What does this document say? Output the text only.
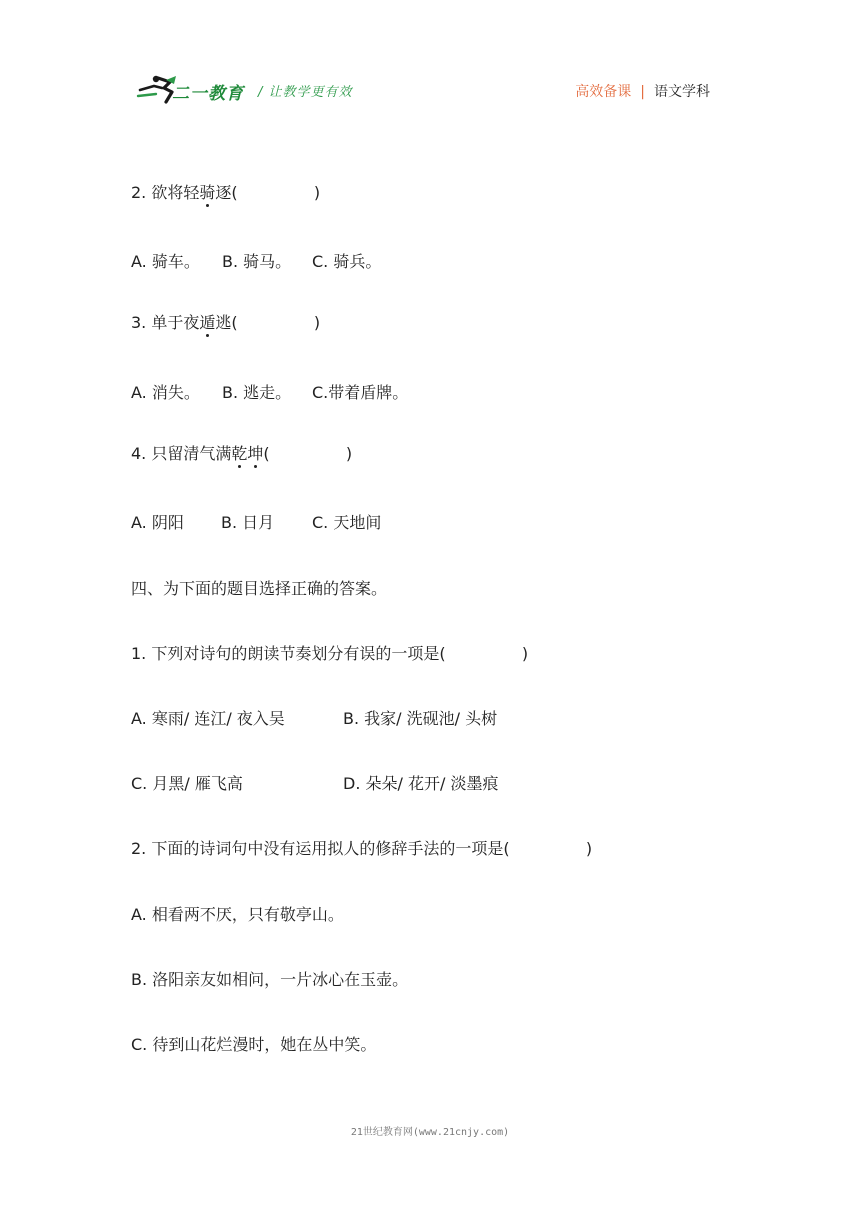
二一教育 / 让教学更有效	高效备课 | 语文学科
2. 欲将轻骑逐(               )
A. 骑车。 B. 骑马。 C. 骑兵。
3. 单于夜遁逃(               )
A. 消失。 B. 逃走。 C.带着盾牌。
4. 只留清气满乾坤(               )
A. 阴阳 B. 日月 C. 天地间
四、为下面的题目选择正确的答案。
1. 下列对诗句的朗读节奏划分有误的一项是(               )
A. 寒雨/ 连江/ 夜入吴	B. 我家/ 洗砚池/ 头树
C. 月黑/ 雁飞高	D. 朵朵/ 花开/ 淡墨痕
2. 下面的诗词句中没有运用拟人的修辞手法的一项是(               )
A. 相看两不厌，只有敬亭山。
B. 洛阳亲友如相问，一片冰心在玉壶。
C. 待到山花烂漫时，她在丛中笑。
21世纪教育网(www.21cnjy.com)
